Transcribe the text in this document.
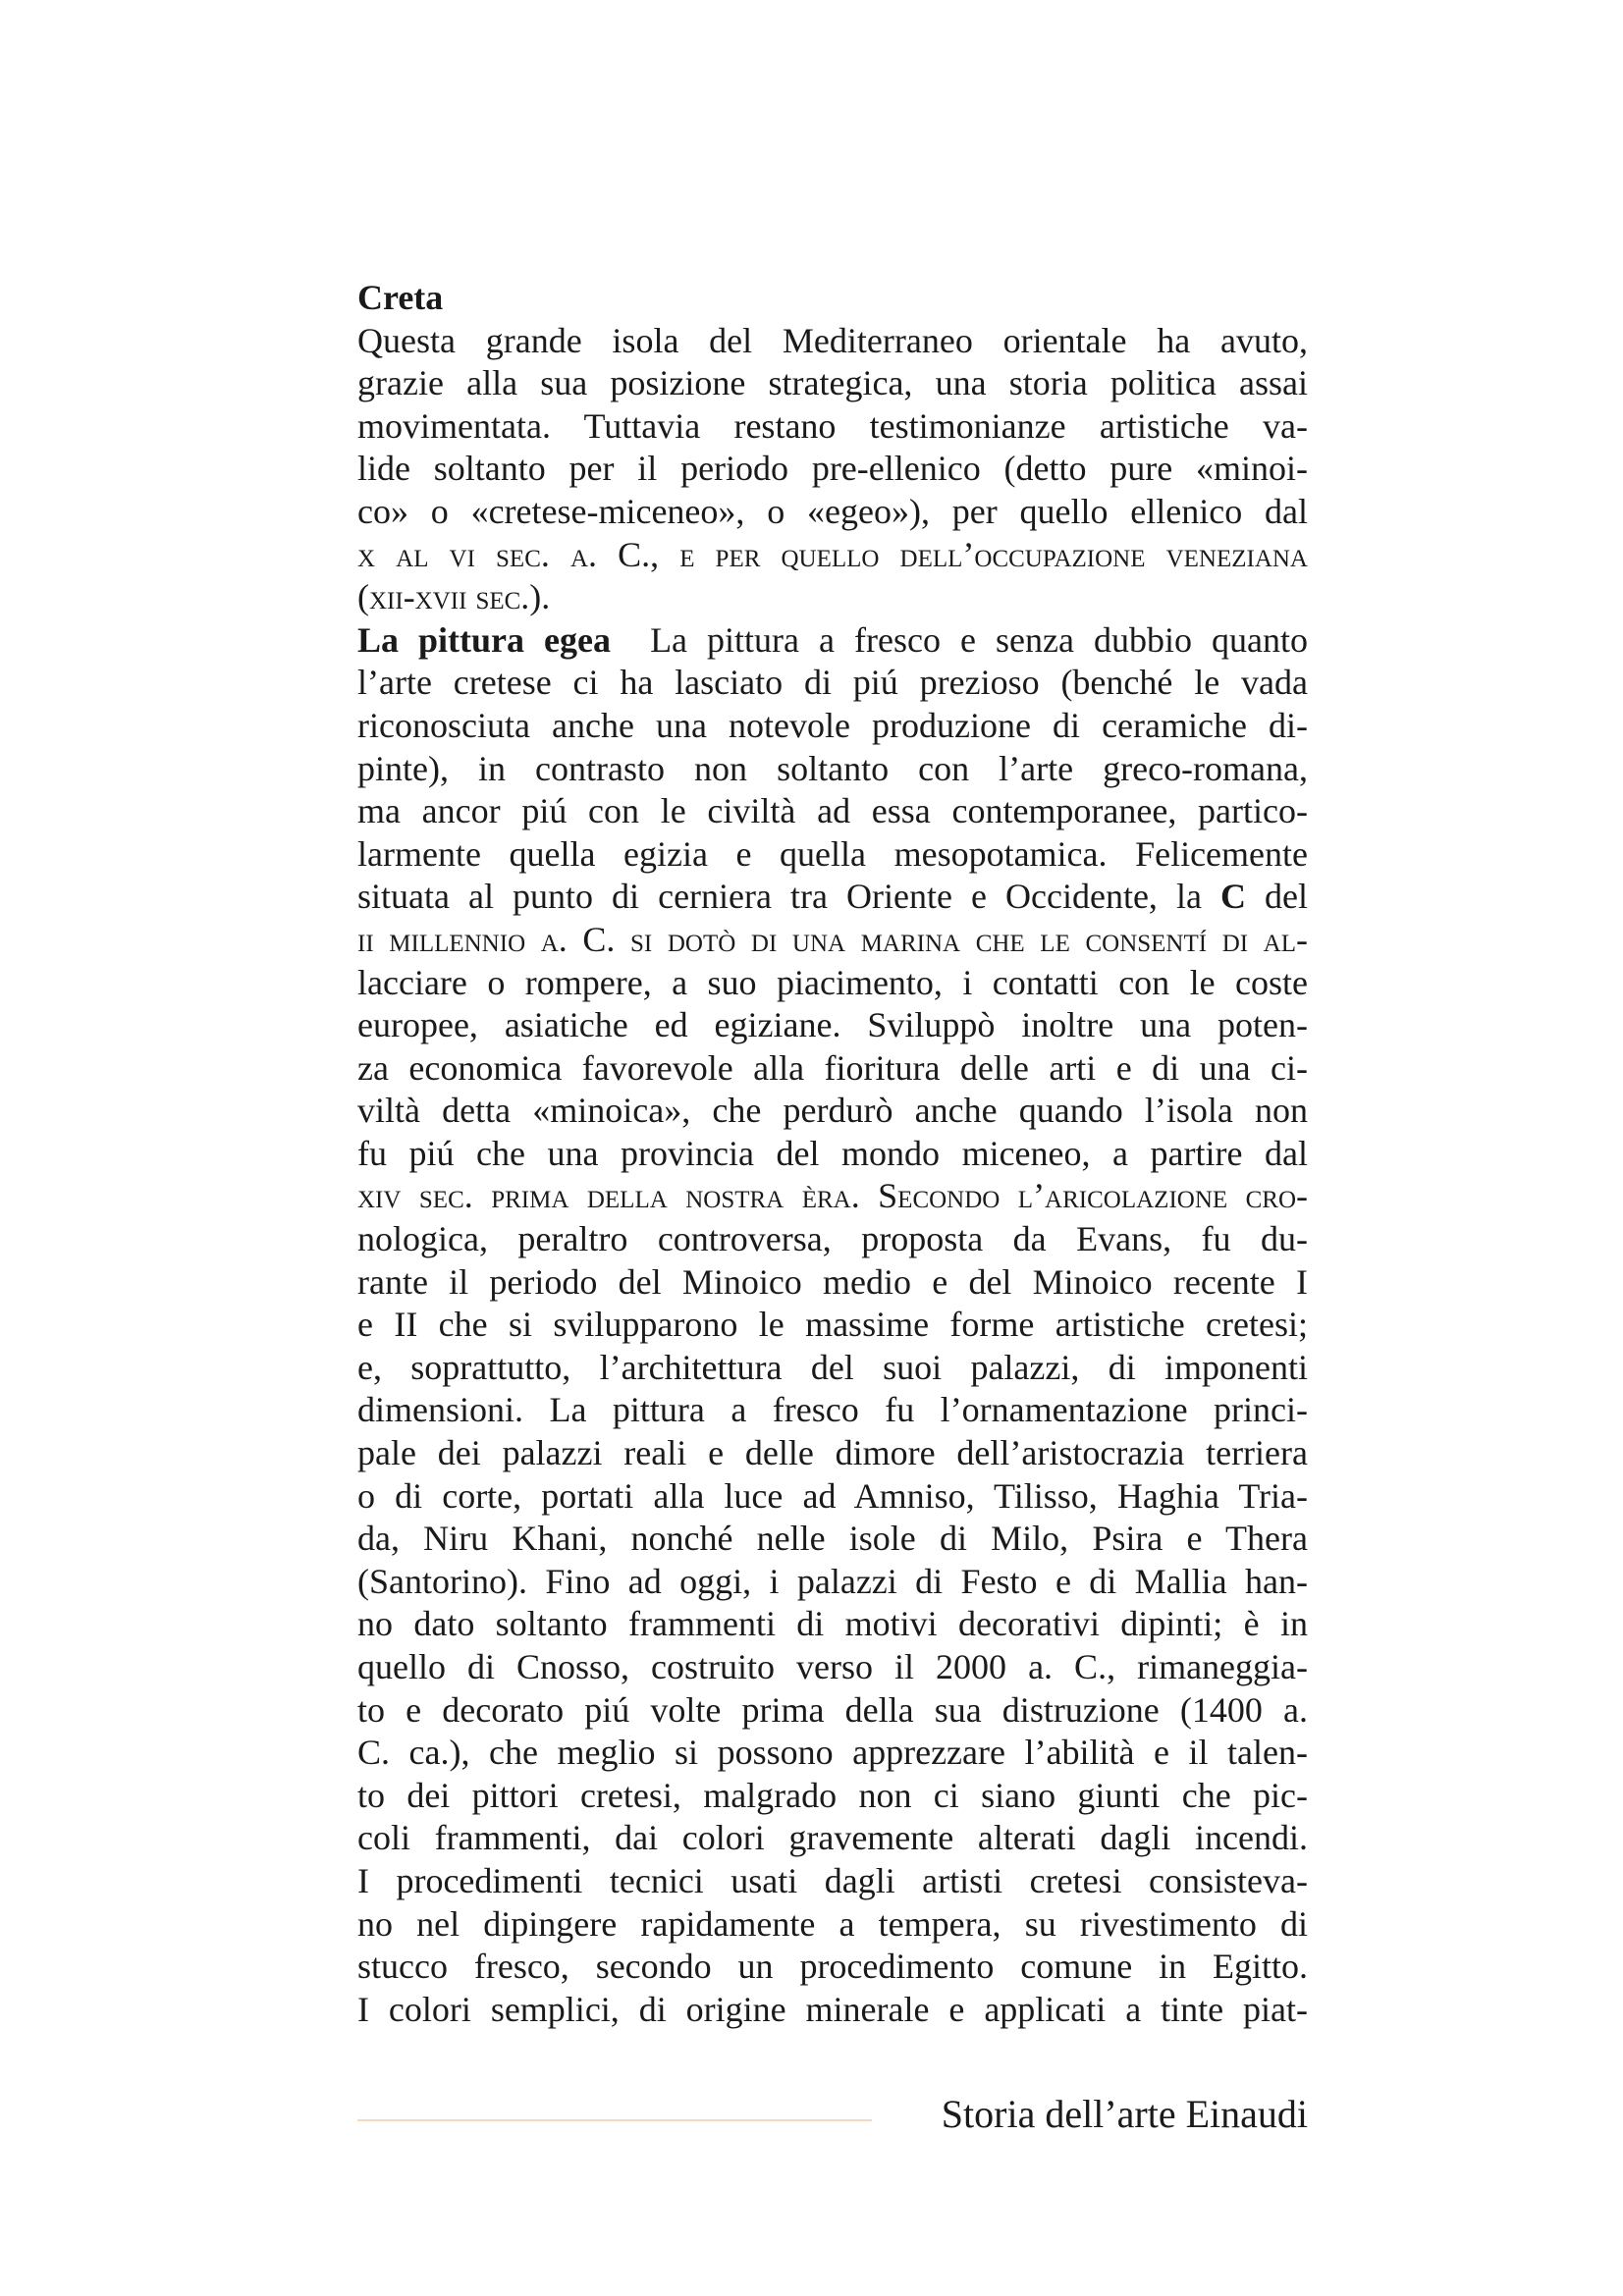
Creta
Questa grande isola del Mediterraneo orientale ha avuto,
grazie alla sua posizione strategica, una storia politica assai
movimentata. Tuttavia restano testimonianze artistiche va-
lide soltanto per il periodo pre-ellenico (detto pure «minoi-
co» o «cretese-miceneo», o «egeo»), per quello ellenico dal
x al vi sec. a. C., e per quello dell’occupazione veneziana
(xii-xvii sec.).
La pittura egea La pittura a fresco e senza dubbio quanto
l’arte cretese ci ha lasciato di piú prezioso (benché le vada
riconosciuta anche una notevole produzione di ceramiche di-
pinte), in contrasto non soltanto con l’arte greco-romana,
ma ancor piú con le civiltà ad essa contemporanee, partico-
larmente quella egizia e quella mesopotamica. Felicemente
situata al punto di cerniera tra Oriente e Occidente, la C del
ii millennio a. C. si dotò di una marina che le consentí di al-
lacciare o rompere, a suo piacimento, i contatti con le coste
europee, asiatiche ed egiziane. Sviluppò inoltre una poten-
za economica favorevole alla fioritura delle arti e di una ci-
viltà detta «minoica», che perdurò anche quando l’isola non
fu piú che una provincia del mondo miceneo, a partire dal
xiv sec. prima della nostra èra. Secondo l’aricolazione cro-
nologica, peraltro controversa, proposta da Evans, fu du-
rante il periodo del Minoico medio e del Minoico recente I
e II che si svilupparono le massime forme artistiche cretesi;
e, soprattutto, l’architettura del suoi palazzi, di imponenti
dimensioni. La pittura a fresco fu l’ornamentazione princi-
pale dei palazzi reali e delle dimore dell’aristocrazia terriera
o di corte, portati alla luce ad Amniso, Tilisso, Haghia Tria-
da, Niru Khani, nonché nelle isole di Milo, Psira e Thera
(Santorino). Fino ad oggi, i palazzi di Festo e di Mallia han-
no dato soltanto frammenti di motivi decorativi dipinti; è in
quello di Cnosso, costruito verso il 2000 a. C., rimaneggia-
to e decorato piú volte prima della sua distruzione (1400 a.
C. ca.), che meglio si possono apprezzare l’abilità e il talen-
to dei pittori cretesi, malgrado non ci siano giunti che pic-
coli frammenti, dai colori gravemente alterati dagli incendi.
I procedimenti tecnici usati dagli artisti cretesi consisteva-
no nel dipingere rapidamente a tempera, su rivestimento di
stucco fresco, secondo un procedimento comune in Egitto.
I colori semplici, di origine minerale e applicati a tinte piat-
Storia dell’arte Einaudi
